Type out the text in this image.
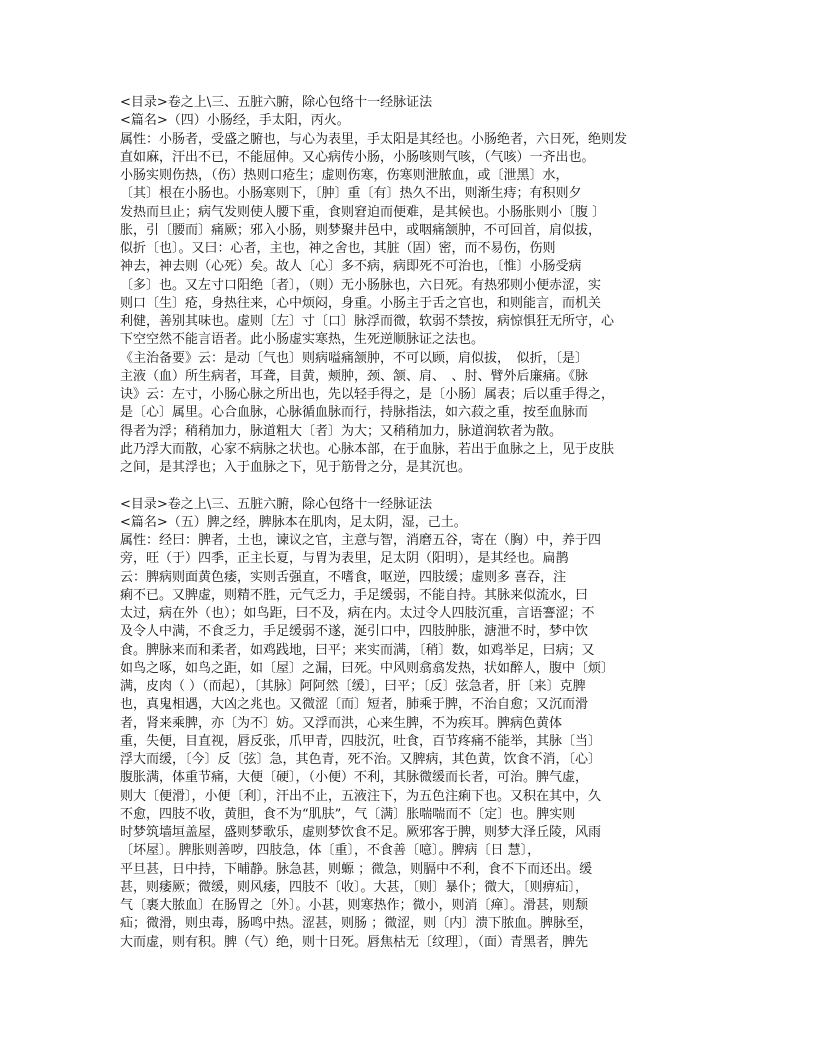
<目录>卷之上\三、五脏六腑，除心包络十一经脉证法
<篇名>（四）小肠经，手太阳，丙火。
属性：小肠者，受盛之腑也，与心为表里，手太阳是其经也。小肠绝者，六日死，绝则发
直如麻，汗出不已，不能屈伸。又心病传小肠，小肠咳则气咳，（气咳）一齐出也。
小肠实则伤热，（伤）热则口疮生；虚则伤寒，伤寒则泄脓血，或〔泄黑〕水，
〔其〕根在小肠也。小肠寒则下，〔肿〕重〔有〕热久不出，则渐生痔；有积则夕
发热而旦止；病气发则使人腰下重，食则窘迫而便难，是其候也。小肠胀则小〔腹 〕
胀，引〔腰而〕痛厥；邪入小肠，则梦聚井邑中，或咽痛颔肿，不可回首，肩似拔，
似折〔也〕。又曰：心者，主也，神之舍也，其脏（固）密，而不易伤，伤则
神去，神去则（心死）矣。故人〔心〕多不病，病即死不可治也，〔惟〕小肠受病
〔多〕也。又左寸口阳绝〔者〕，（则）无小肠脉也，六日死。有热邪则小便赤涩，实
则口〔生〕疮，身热往来，心中烦闷，身重。小肠主于舌之官也，和则能言，而机关
利健，善别其味也。虚则〔左〕寸〔口〕脉浮而微，软弱不禁按，病惊惧狂无所守，心
下空空然不能言语者。此小肠虚实寒热，生死逆顺脉证之法也。
《主治备要》云：是动〔气也〕则病嗌痛颔肿，不可以顾，肩似拔，　似折，〔是〕
主液（血）所生病者，耳聋，目黄，颊肿，颈、颔、肩、　、肘、臂外后廉痛。《脉
诀》云：左寸，小肠心脉之所出也，先以轻手得之，是〔小肠〕属表；后以重手得之，
是〔心〕属里。心合血脉，心脉循血脉而行，持脉指法，如六菽之重，按至血脉而
得者为浮；稍稍加力，脉道粗大〔者〕为大；又稍稍加力，脉道润软者为散。
此乃浮大而散，心家不病脉之状也。心脉本部，在于血脉，若出于血脉之上，见于皮肤
之间，是其浮也；入于血脉之下，见于筋骨之分，是其沉也。
<目录>卷之上\三、五脏六腑，除心包络十一经脉证法
<篇名>（五）脾之经，脾脉本在肌肉，足太阴，湿，己土。
属性：经曰：脾者，土也，谏议之官，主意与智，消磨五谷，寄在（胸）中，养于四
旁，旺（于）四季，正主长夏，与胃为表里，足太阴（阳明），是其经也。扁鹊
云：脾病则面黄色痿，实则舌强直，不嗜食，呕逆，四肢缓；虚则多 喜吞，注
痢不已。又脾虚，则精不胜，元气乏力，手足缓弱，不能自持。其脉来似流水，曰
太过，病在外（也）；如鸟距，曰不及，病在内。太过令人四肢沉重，言语謇涩；不
及令人中满，不食乏力，手足缓弱不遂，涎引口中，四肢肿胀，溏泄不时，梦中饮
食。脾脉来而和柔者，如鸡践地，曰平；来实而满，〔稍〕数，如鸡举足，曰病；又
如鸟之啄，如鸟之距，如〔屋〕之漏，曰死。中风则翕翕发热，状如醉人，腹中〔烦〕
满，皮肉（ ）（而起），〔其脉〕阿阿然〔缓〕，曰平；〔反〕弦急者，肝〔来〕克脾
也，真鬼相遇，大凶之兆也。又微涩〔而〕短者，肺乘于脾，不治自愈；又沉而滑
者，肾来乘脾，亦〔为不〕妨。又浮而洪，心来生脾，不为疾耳。脾病色黄体
重，失便，目直视，唇反张，爪甲青，四肢沉，吐食，百节疼痛不能举，其脉〔当〕
浮大而缓，〔今〕反〔弦〕急，其色青，死不治。又脾病，其色黄，饮食不消，〔心〕
腹胀满，体重节痛，大便〔硬〕，（小便）不利，其脉微缓而长者，可治。脾气虚，
则大〔便滑〕，小便〔利〕，汗出不止，五液注下，为五色注痢下也。又积在其中，久
不愈，四肢不收，黄胆，食不为“肌肤”，气〔满〕胀喘喘而不〔定〕也。脾实则
时梦筑墙垣盖屋，盛则梦歌乐，虚则梦饮食不足。厥邪客于脾，则梦大泽丘陵，风雨
〔坏屋〕。脾胀则善哕，四肢急，体〔重〕，不食善〔噫〕。脾病〔日 慧〕，
平旦甚，日中持，下晡静。脉急甚，则螈 ；微急，则膈中不利，食不下而还出。缓
甚，则痿厥；微缓，则风痿，四肢不〔收〕。大甚，〔则〕暴仆；微大，〔则痹疝〕，
气〔裹大脓血〕在肠胃之〔外〕。小甚，则寒热作；微小，则消〔瘅〕。滑甚，则颓
疝；微滑，则虫毒，肠鸣中热。涩甚，则肠 ；微涩，则〔内〕溃下脓血。脾脉至，
大而虚，则有积。脾（气）绝，则十日死。唇焦枯无〔纹理〕，（面）青黑者，脾先
